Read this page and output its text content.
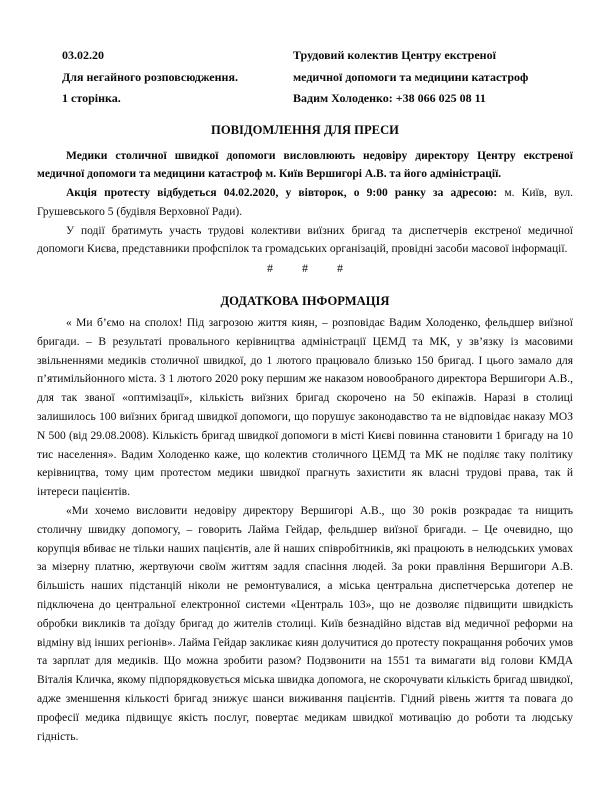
03.02.20
Для негайного розповсюдження.
1 сторінка.
Трудовий колектив Центру екстреної
медичної допомоги та медицини катастроф
Вадим Холоденко: +38 066 025 08 11
ПОВІДОМЛЕННЯ ДЛЯ ПРЕСИ

Медики столичної швидкої допомоги висловлюють недовіру директору Центру екстреної медичної допомоги та медицини катастроф м. Київ Вершигорі А.В. та його адміністрації.

Акція протесту відбудеться 04.02.2020, у вівторок, о 9:00 ранку за адресою: м. Київ, вул. Грушевського 5 (будівля Верховної Ради).

У події братимуть участь трудові колективи виїзних бригад та диспетчерів екстреної медичної допомоги Києва, представники профспілок та громадських організацій, провідні засоби масової інформації.

# # #
ДОДАТКОВА ІНФОРМАЦІЯ

« Ми б’ємо на сполох! Під загрозою життя киян, – розповідає Вадим Холоденко, фельдшер виїзної бригади. – В результаті провального керівництва адміністрації ЦЕМД та МК, у зв’язку із масовими звільненнями медиків столичної швидкої, до 1 лютого працювало близько 150 бригад. І цього замало для п’ятимільйонного міста. З 1 лютого 2020 року першим же наказом новообраного директора Вершигори А.В., для так званої «оптимізації», кількість виїзних бригад скорочено на 50 екіпажів. Наразі в столиці залишилось 100 виїзних бригад швидкої допомоги, що порушує законодавство та не відповідає наказу МОЗ N 500 (від 29.08.2008). Кількість бригад швидкої допомоги в місті Києві повинна становити 1 бригаду на 10 тис населення». Вадим Холоденко каже, що колектив столичного ЦЕМД та МК не поділяє таку політику керівництва, тому цим протестом медики швидкої прагнуть захистити як власні трудові права, так й інтереси пацієнтів.

«Ми хочемо висловити недовіру директору Вершигорі А.В., що 30 років розкрадає та нищить столичну швидку допомогу, – говорить Лайма Гейдар, фельдшер виїзної бригади. – Це очевидно, що корупція вбиває не тільки наших пацієнтів, але й наших співробітників, які працюють в нелюдських умовах за мізерну платню, жертвуючи своїм життям задля спасіння людей. За роки правління Вершигори А.В. більшість наших підстанцій ніколи не ремонтувалися, а міська центральна диспетчерська дотепер не підключена до центральної електронної системи «Централь 103», що не дозволяє підвищити швидкість обробки викликів та доїзду бригад до жителів столиці. Київ безнадійно відстав від медичної реформи на відміну від інших регіонів». Лайма Гейдар закликає киян долучитися до протесту покращання робочих умов та зарплат для медиків. Що можна зробити разом? Подзвонити на 1551 та вимагати від голови КМДА Віталія Кличка, якому підпорядковується міська швидка допомога, не скорочувати кількість бригад швидкої, адже зменшення кількості бригад знижує шанси виживання пацієнтів. Гідний рівень життя та повага до професії медика підвищує якість послуг, повертає медикам швидкої мотивацію до роботи та людську гідність.
